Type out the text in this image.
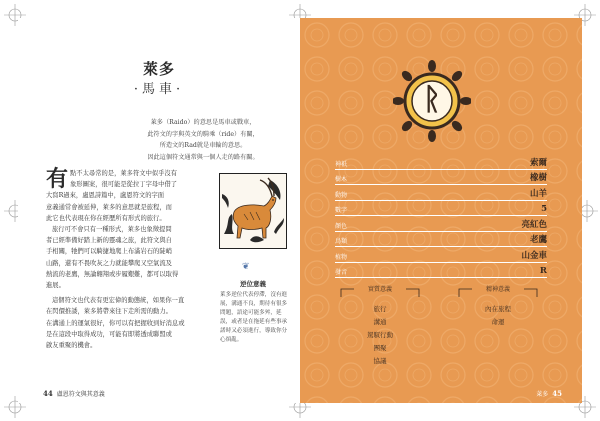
萊多
·馬車·
萊多（Raido）的意思是馬車或戰車，
此符文的字與英文的騎乘（ride）有關，
所造文的Rad就是車輪的意思。
因此這個符文通常與一個人走的路有關。
有 點不太尋常的是，萊多符文中似乎沒有
象形圖案，很可能是從拉丁字母中借了
大寫R過來，盧恩詩篇中，盧恩符文的字面
意義通常會被延伸，萊多的意思就是旅程，而
此它也代表現在你在經歷所有形式的旅行。
旅行可不會只有一種形式，萊多也象徵提問
者已經準備好踏上新的靈魂之旅，此符文與自
手相關，牠們可以騎捷地爬上布滿岩石的陡峭
山路，還有不畏吹灰之力就能攀爬又空氣流及
熱流的老鷹，無論翱翔或步履艱難，都可以取得
進展。
這個符文也代表有更宏偉的動態統，如果你一直
在閃價推諉，萊多將帶來往下走所需的動力。
在溝通上的運氣很好，你可以有把握收到好消息或
是在這段中取得成功，可能有即將透成聯盟或
啟友重聚的機會。
❦
逆位意義
萊多逆位代表停滯，沒有進
展，溝通不良，期待有很多
問題，語途可能多舛，延
誤，或者是在拖延有些事承
諾時又必須進行，導致你分
心煩亂。
44 盧恩符文與其意義
ᚱ
神祇	索爾
樹木	橡樹
動物	山羊
數字	5
顏色	亮紅色
鳥類	老鷹
植物	山金車
發音	R
實質意義
旅行
溝通
駕馭行動
團聚
協議
精神意義
內在旅程
命運
萊多 45
